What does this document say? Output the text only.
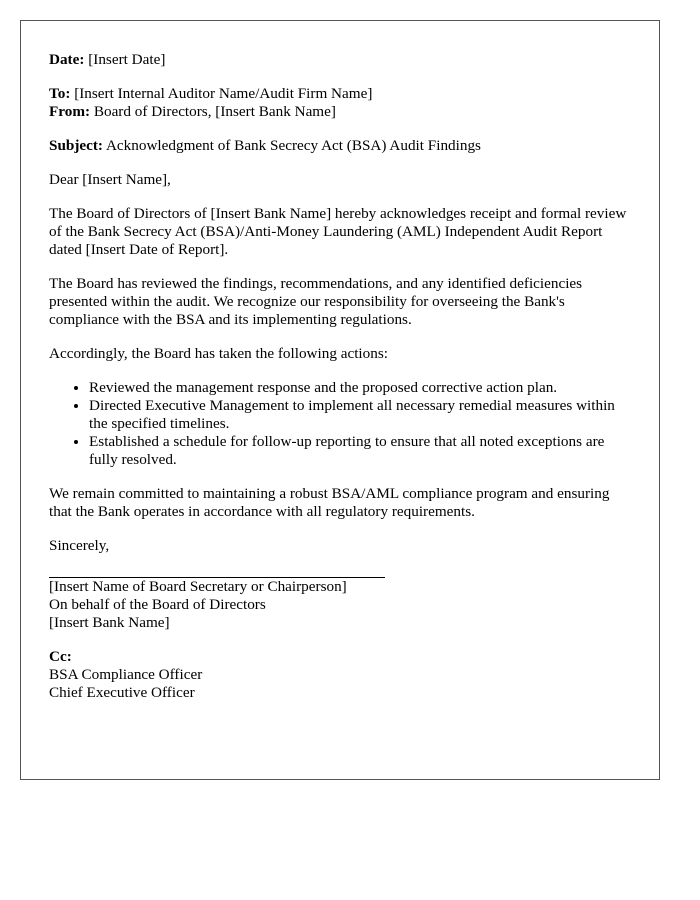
Date: [Insert Date]

To: [Insert Internal Auditor Name/Audit Firm Name]
From: Board of Directors, [Insert Bank Name]

Subject: Acknowledgment of Bank Secrecy Act (BSA) Audit Findings

Dear [Insert Name],

The Board of Directors of [Insert Bank Name] hereby acknowledges receipt and formal review of the Bank Secrecy Act (BSA)/Anti-Money Laundering (AML) Independent Audit Report dated [Insert Date of Report].

The Board has reviewed the findings, recommendations, and any identified deficiencies presented within the audit. We recognize our responsibility for overseeing the Bank's compliance with the BSA and its implementing regulations.

Accordingly, the Board has taken the following actions:

• Reviewed the management response and the proposed corrective action plan.
• Directed Executive Management to implement all necessary remedial measures within the specified timelines.
• Established a schedule for follow-up reporting to ensure that all noted exceptions are fully resolved.

We remain committed to maintaining a robust BSA/AML compliance program and ensuring that the Bank operates in accordance with all regulatory requirements.

Sincerely,

[Insert Name of Board Secretary or Chairperson]
On behalf of the Board of Directors
[Insert Bank Name]
Cc:
BSA Compliance Officer
Chief Executive Officer
